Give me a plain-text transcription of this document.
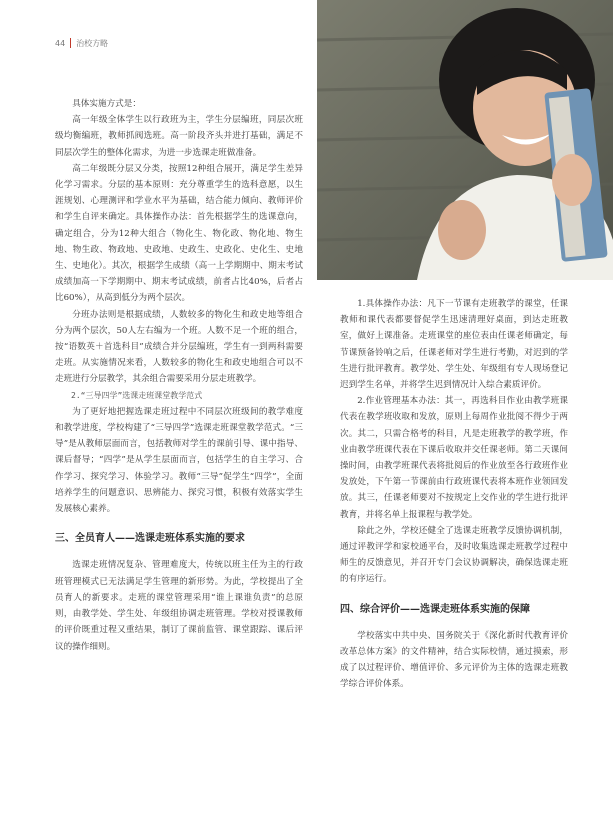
44 治校方略

具体实施方式是：

高一年级全体学生以行政班为主，学生分层编班，同层次班级均衡编班，教师抓阀选班。高一阶段齐头并进打基础，满足不同层次学生的整体化需求，为进一步选课走班做准备。

高二年级既分层又分类，按照12种组合展开，满足学生差异化学习需求。分层的基本原则：充分尊重学生的选科意愿，以生涯规划、心理测评和学业水平为基础，结合能力倾向、教师评价和学生自评来确定。具体操作办法：首先根据学生的选课意向，确定组合，分为12种大组合（物化生、物化政、物化地、物生地、物生政、物政地、史政地、史政生、史政化、史化生、史地生、史地化）。其次，根据学生成绩（高一上学期期中、期末考试成绩加高一下学期期中、期末考试成绩，前者占比40%，后者占比60%），从高到低分为两个层次。

分班办法则是根据成绩，人数较多的物化生和政史地等组合分为两个层次，50人左右编为一个班。人数不足一个班的组合，按“语数英＋首选科目”成绩合并分层编班，学生有一到两科需要走班。从实施情况来看，人数较多的物化生和政史地组合可以不走班进行分层教学，其余组合需要采用分层走班教学。

2.“三导四学”选课走班课堂教学范式

为了更好地把握选课走班过程中不同层次班级间的教学难度和教学进度，学校构建了“三导四学”选课走班课堂教学范式。“三导”是从教师层面而言，包括教师对学生的课前引导、课中指导、课后督导；“四学”是从学生层面而言，包括学生的自主学习、合作学习、探究学习、体验学习。教师“三导”促学生“四学”，全面培养学生的问题意识、思辨能力、探究习惯，积极有效落实学生发展核心素养。

三、全员育人——选课走班体系实施的要求

选课走班情况复杂、管理难度大，传统以班主任为主的行政班管理模式已无法满足学生管理的新形势。为此，学校提出了全员育人的新要求。走班的课堂管理采用“谁上课谁负责”的总原则，由教学处、学生处、年级组协调走班管理。学校对授课教师的评价既重过程又重结果，制订了课前监管、课堂跟踪、课后评议的操作细则。

1.具体操作办法：凡下一节课有走班教学的课堂，任课教师和课代表都要督促学生迅速清理好桌面，到达走班教室，做好上课准备。走班课堂的座位表由任课老师确定，每节课预备铃响之后，任课老师对学生进行考勤，对迟到的学生进行批评教育。教学处、学生处、年级组有专人现场登记迟到学生名单，并将学生迟到情况计入综合素质评价。

2.作业管理基本办法：其一，再选科目作业由教学班课代表在教学班收取和发放，原则上每周作业批阅不得少于两次。其二，只需合格考的科目，凡是走班教学的教学班，作业由教学班课代表在下课后收取并交任课老师。第二天课间操时间，由教学班课代表将批阅后的作业放至各行政班作业发放处，下午第一节课前由行政班课代表将本班作业领回发放。其三，任课老师要对不按规定上交作业的学生进行批评教育，并将名单上报课程与教学处。

除此之外，学校还健全了选课走班教学反馈协调机制，通过评教评学和家校通平台，及时收集选课走班教学过程中师生的反馈意见，并召开专门会议协调解决，确保选课走班的有序运行。

四、综合评价——选课走班体系实施的保障

学校落实中共中央、国务院关于《深化新时代教育评价改革总体方案》的文件精神，结合实际校情，通过摸索，形成了以过程评价、增值评价、多元评价为主体的选课走班教学综合评价体系。
